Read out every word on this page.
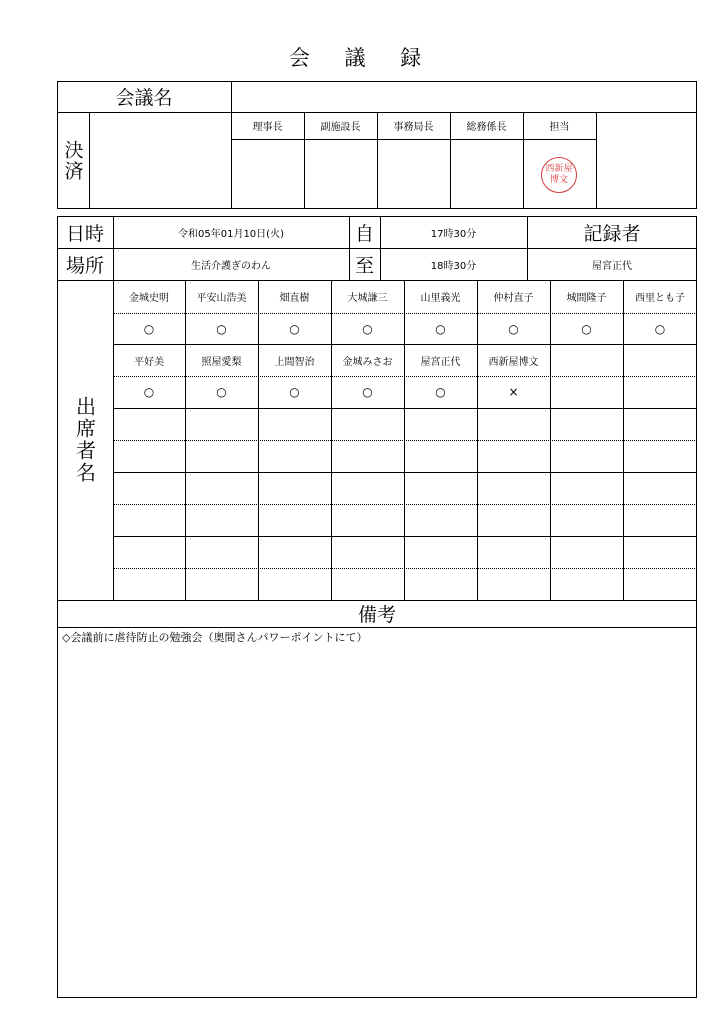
会 議 録
会議名
決済
理事長	副施設長	事務局長	総務係長	担当
西新屋
博文
日時	令和05年01月10日(火)	自	17時30分	記録者
場所	生活介護ぎのわん	至	18時30分	屋宮正代
出席者名
金城史明	平安山浩美	畑直樹	大城謙三	山里義光	仲村直子	城間隆子	西里とも子
○	○	○	○	○	○	○	○
平好美	照屋愛梨	上間智治	金城みさお	屋宮正代	西新屋博文
○	○	○	○	○	×
備考
◇会議前に虐待防止の勉強会（奥間さんパワーポイントにて）
